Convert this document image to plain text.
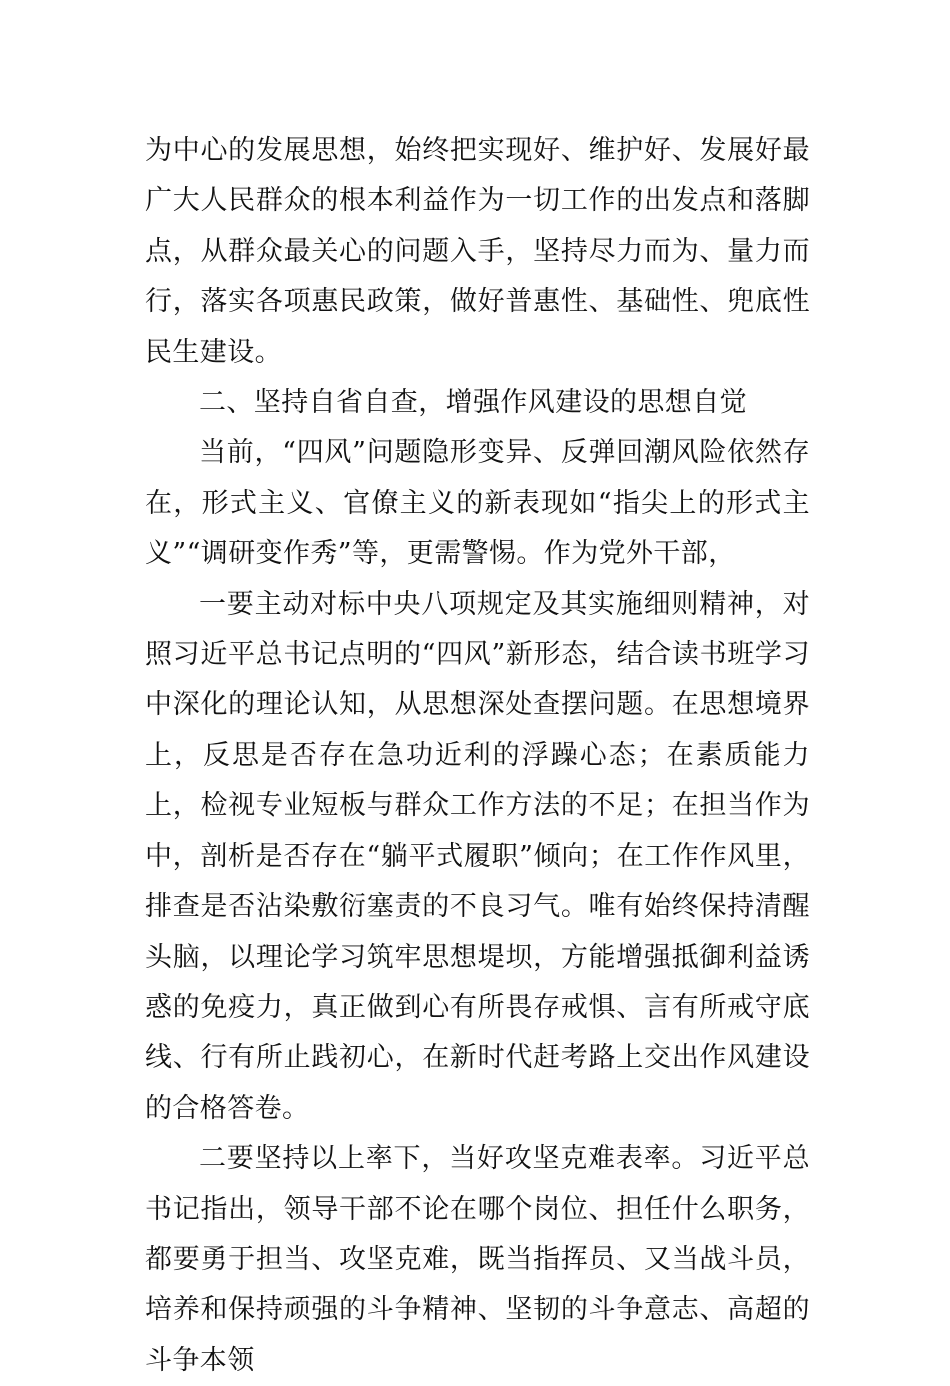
为中心的发展思想，始终把实现好、维护好、发展好最广大人民群众的根本利益作为一切工作的出发点和落脚点，从群众最关心的问题入手，坚持尽力而为、量力而行，落实各项惠民政策，做好普惠性、基础性、兜底性民生建设。

二、坚持自省自查，增强作风建设的思想自觉

当前，“四风”问题隐形变异、反弹回潮风险依然存在，形式主义、官僚主义的新表现如“指尖上的形式主义”“调研变作秀”等，更需警惕。作为党外干部，

一要主动对标中央八项规定及其实施细则精神，对照习近平总书记点明的“四风”新形态，结合读书班学习中深化的理论认知，从思想深处查摆问题。在思想境界上，反思是否存在急功近利的浮躁心态；在素质能力上，检视专业短板与群众工作方法的不足；在担当作为中，剖析是否存在“躺平式履职”倾向；在工作作风里，排查是否沾染敷衍塞责的不良习气。唯有始终保持清醒头脑，以理论学习筑牢思想堤坝，方能增强抵御利益诱惑的免疫力，真正做到心有所畏存戒惧、言有所戒守底线、行有所止践初心，在新时代赶考路上交出作风建设的合格答卷。

二要坚持以上率下，当好攻坚克难表率。习近平总书记指出，领导干部不论在哪个岗位、担任什么职务，都要勇于担当、攻坚克难，既当指挥员、又当战斗员，培养和保持顽强的斗争精神、坚韧的斗争意志、高超的斗争本领
